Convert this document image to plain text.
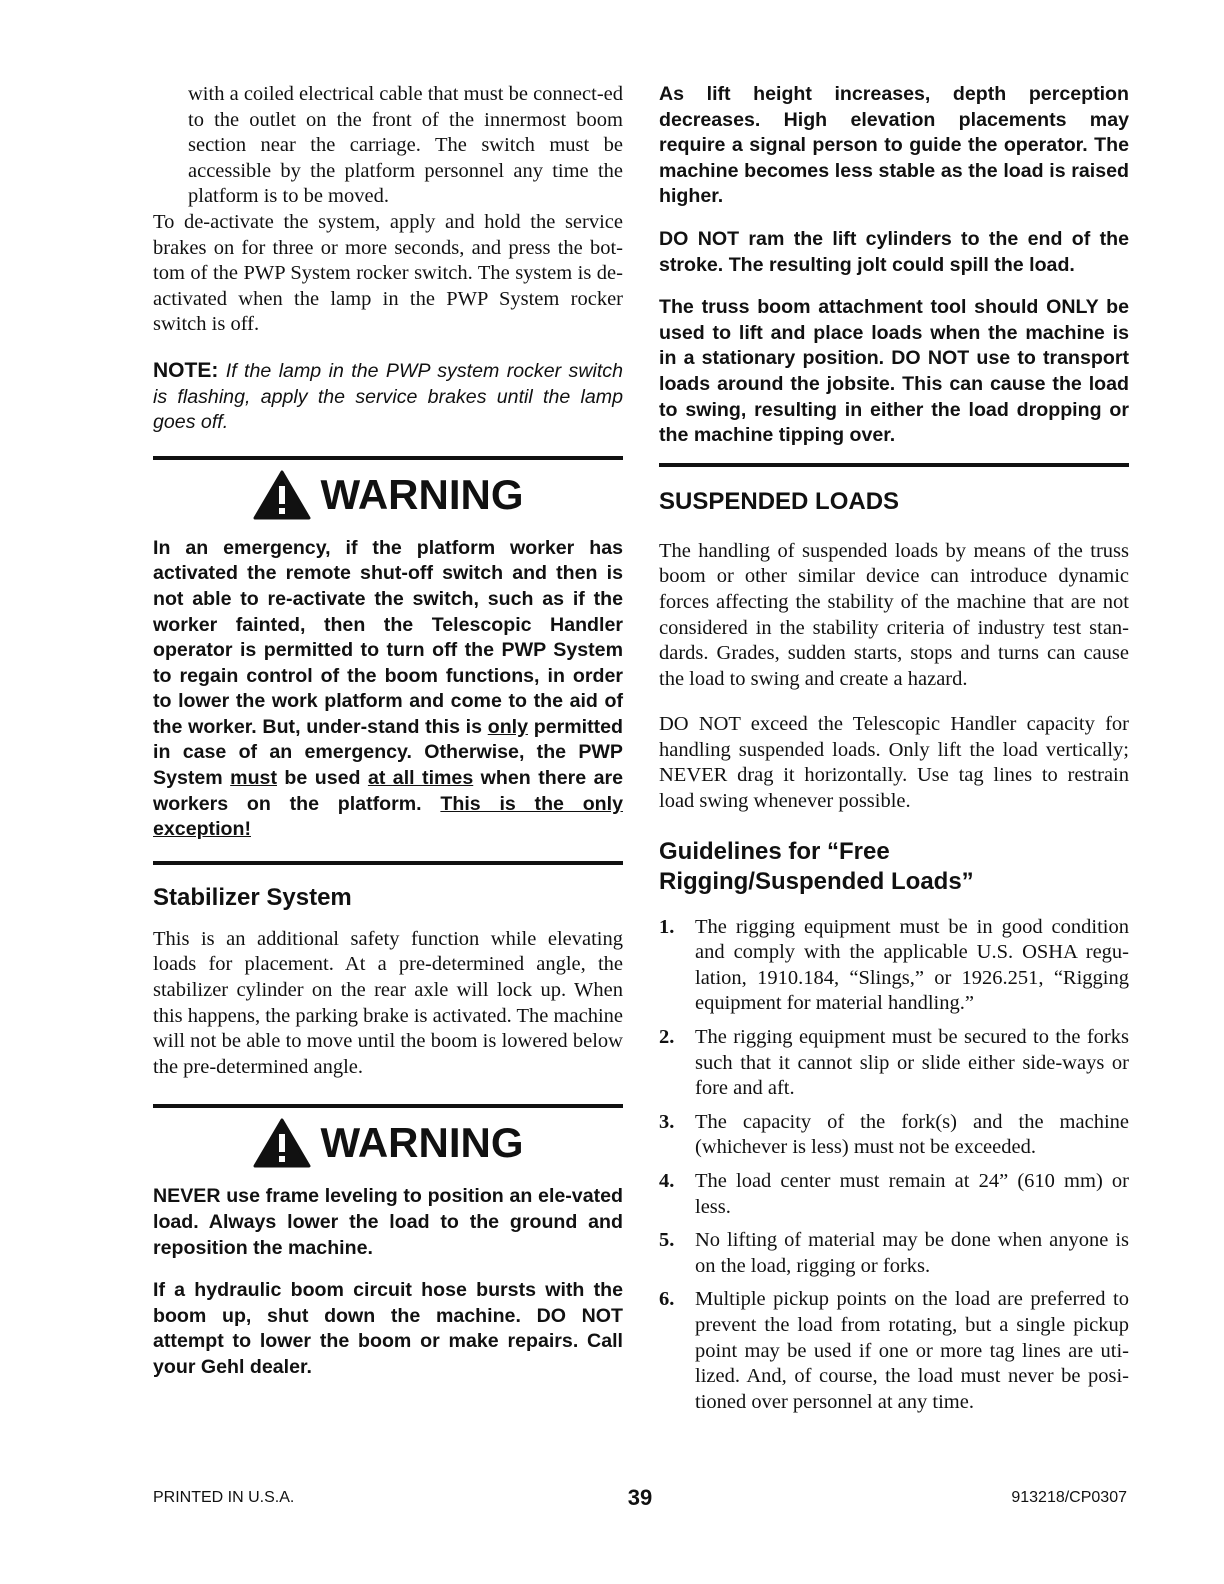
with a coiled electrical cable that must be connect-ed to the outlet on the front of the innermost boom section near the carriage. The switch must be accessible by the platform personnel any time the platform is to be moved.

To de-activate the system, apply and hold the service brakes on for three or more seconds, and press the bot-tom of the PWP System rocker switch. The system is de-activated when the lamp in the PWP System rocker switch is off.

NOTE: If the lamp in the PWP system rocker switch is flashing, apply the service brakes until the lamp goes off.

WARNING

In an emergency, if the platform worker has activated the remote shut-off switch and then is not able to re-activate the switch, such as if the worker fainted, then the Telescopic Handler operator is permitted to turn off the PWP System to regain control of the boom functions, in order to lower the work platform and come to the aid of the worker. But, under-stand this is only permitted in case of an emergency. Otherwise, the PWP System must be used at all times when there are workers on the platform. This is the only exception!

Stabilizer System

This is an additional safety function while elevating loads for placement. At a pre-determined angle, the stabilizer cylinder on the rear axle will lock up. When this happens, the parking brake is activated. The machine will not be able to move until the boom is lowered below the pre-determined angle.

WARNING

NEVER use frame leveling to position an ele-vated load. Always lower the load to the ground and reposition the machine.

If a hydraulic boom circuit hose bursts with the boom up, shut down the machine. DO NOT attempt to lower the boom or make repairs. Call your Gehl dealer.

As lift height increases, depth perception decreases. High elevation placements may require a signal person to guide the operator. The machine becomes less stable as the load is raised higher.

DO NOT ram the lift cylinders to the end of the stroke. The resulting jolt could spill the load.

The truss boom attachment tool should ONLY be used to lift and place loads when the machine is in a stationary position. DO NOT use to transport loads around the jobsite. This can cause the load to swing, resulting in either the load dropping or the machine tipping over.

SUSPENDED LOADS

The handling of suspended loads by means of the truss boom or other similar device can introduce dynamic forces affecting the stability of the machine that are not considered in the stability criteria of industry test stan-dards. Grades, sudden starts, stops and turns can cause the load to swing and create a hazard.

DO NOT exceed the Telescopic Handler capacity for handling suspended loads. Only lift the load vertically; NEVER drag it horizontally. Use tag lines to restrain load swing whenever possible.

Guidelines for “Free
Rigging/Suspended Loads”
1. The rigging equipment must be in good condition and comply with the applicable U.S. OSHA regu-lation, 1910.184, “Slings,” or 1926.251, “Rigging equipment for material handling.”
2. The rigging equipment must be secured to the forks such that it cannot slip or slide either side-ways or fore and aft.
3. The capacity of the fork(s) and the machine (whichever is less) must not be exceeded.
4. The load center must remain at 24” (610 mm) or less.
5. No lifting of material may be done when anyone is on the load, rigging or forks.
6. Multiple pickup points on the load are preferred to prevent the load from rotating, but a single pickup point may be used if one or more tag lines are uti-lized. And, of course, the load must never be posi-tioned over personnel at any time.
PRINTED IN U.S.A.	39	913218/CP0307
